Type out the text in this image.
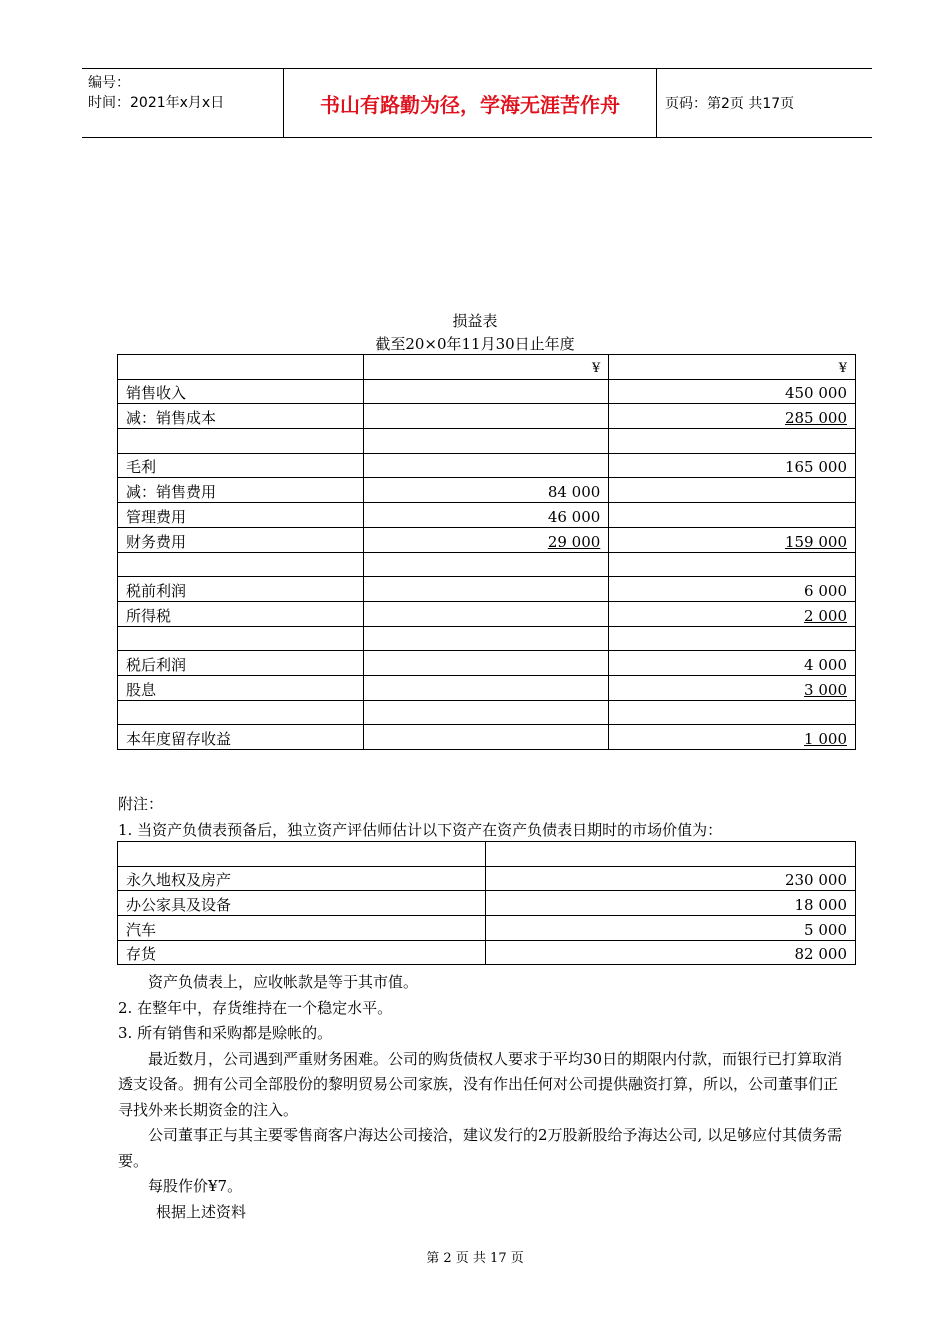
编号：
时间：2021年x月x日	书山有路勤为径，学海无涯苦作舟	页码：第2页 共17页
损益表
截至20×0年11月30日止年度
	¥	¥
销售收入		450 000
减：销售成本		285 000

毛利		165 000
减：销售费用	84 000	
管理费用	46 000	
财务费用	29 000	159 000

税前利润		6 000
所得税		2 000

税后利润		4 000
股息		3 000

本年度留存收益		1 000

附注：

1. 当资产负债表预备后，独立资产评估师估计以下资产在资产负债表日期时的市场价值为：

永久地权及房产	230 000
办公家具及设备	18 000
汽车	5 000
存货	82 000

资产负债表上，应收帐款是等于其市值。

2. 在整年中，存货维持在一个稳定水平。

3. 所有销售和采购都是赊帐的。

最近数月，公司遇到严重财务困难。公司的购货债权人要求于平均30日的期限内付款，而银行已打算取消透支设备。拥有公司全部股份的黎明贸易公司家族，没有作出任何对公司提供融资打算，所以，公司董事们正寻找外来长期资金的注入。

公司董事正与其主要零售商客户海达公司接洽，建议发行的2万股新股给予海达公司, 以足够应付其债务需要。

每股作价¥7。

根据上述资料

第 2 页 共 17 页
